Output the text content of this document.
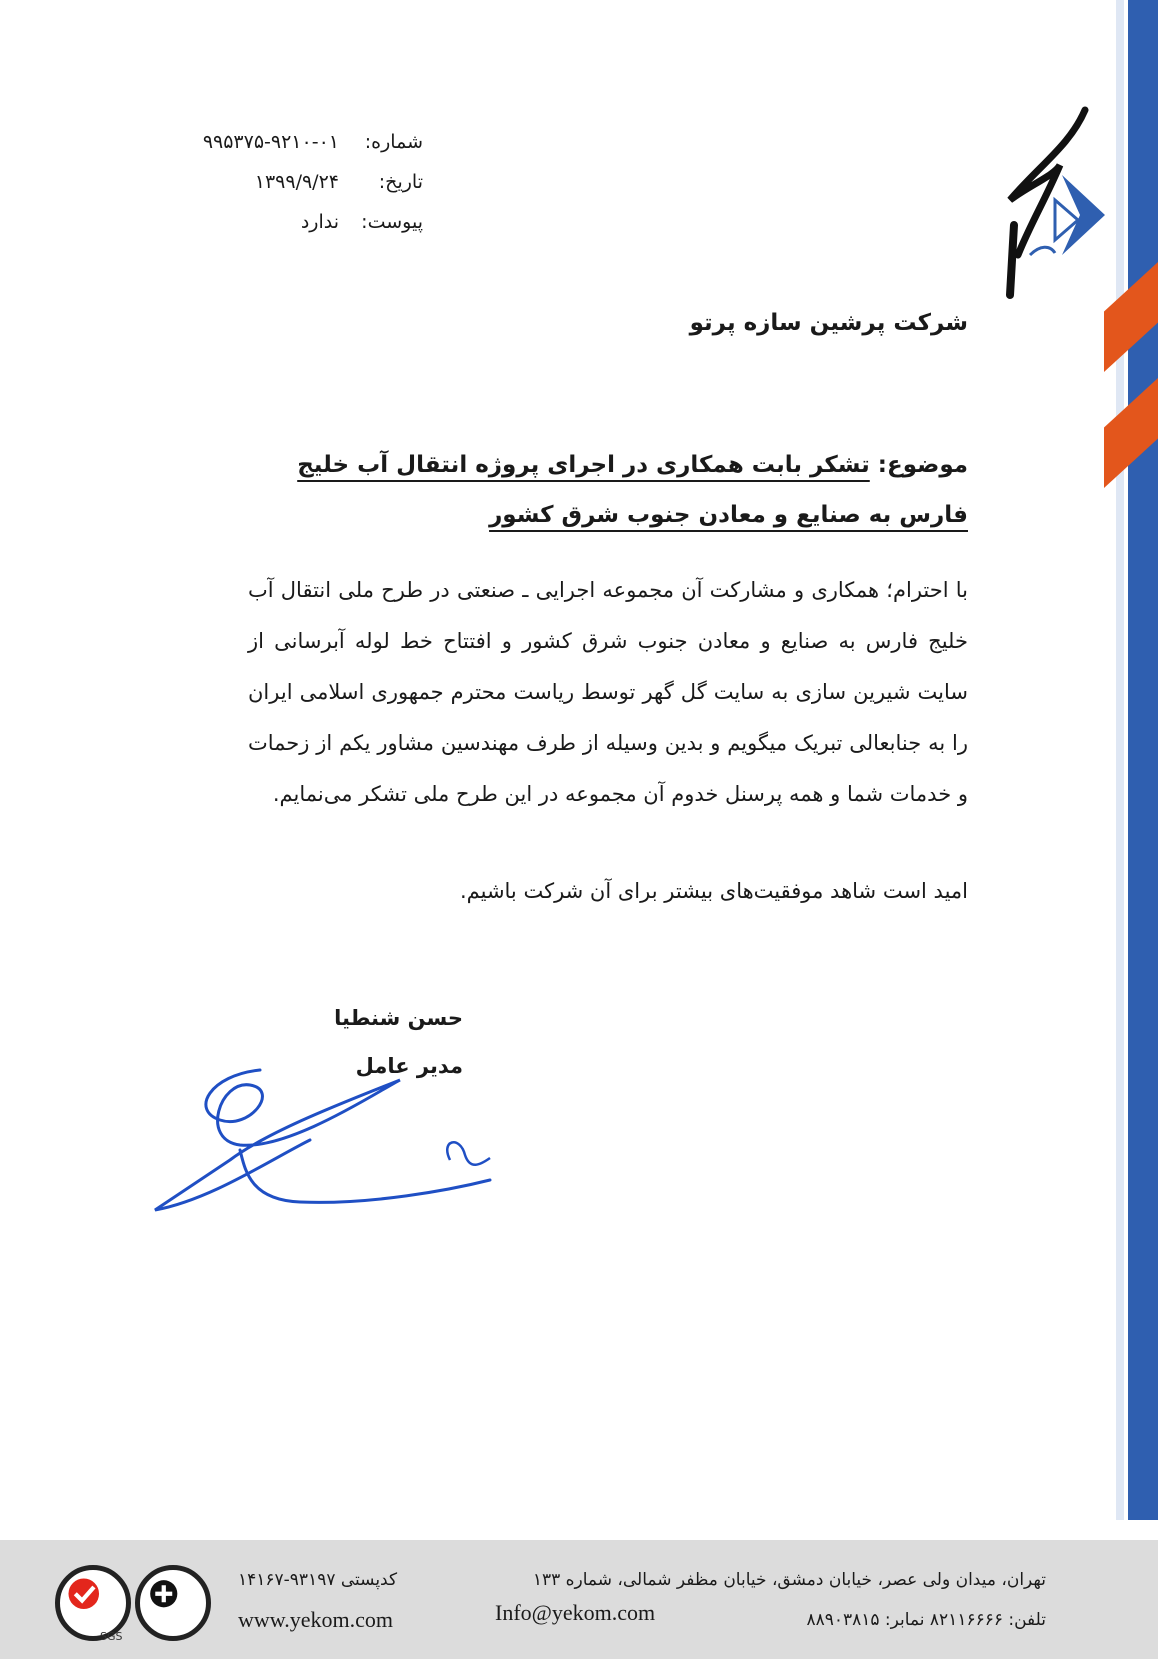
شماره:
۹۹۵۳۷۵-۹۲۱۰-۰۱
تاریخ:
۱۳۹۹/۹/۲۴
پیوست:
ندارد
شرکت پرشین سازه پرتو
موضوع: تشکر بابت همکاری در اجرای پروژه انتقال آب خلیج فارس به صنایع و معادن جنوب شرق کشور
با احترام؛ همکاری و مشارکت آن مجموعه اجرایی ـ صنعتی در طرح ملی انتقال آب خلیج فارس به صنایع و معادن جنوب شرق کشور و افتتاح خط لوله آبرسانی از سایت شیرین سازی به سایت گل گهر توسط ریاست محترم جمهوری اسلامی ایران را به جنابعالی تبریک میگویم و بدین وسیله از طرف مهندسین مشاور یکم از زحمات و خدمات شما و همه پرسنل خدوم آن مجموعه در این طرح ملی تشکر می‌نمایم.
امید است شاهد موفقیت‌های بیشتر برای آن شرکت باشیم.
حسن شنطیا
مدیر عامل
تهران، میدان ولی عصر، خیابان دمشق، خیابان مظفر شمالی، شماره ۱۳۳
تلفن: ۸۲۱۱۶۶۶۶ نمابر: ۸۸۹۰۳۸۱۵
کدپستی ۹۳۱۹۷-۱۴۱۶۷
www.yekom.com	Info@yekom.com
SGS
